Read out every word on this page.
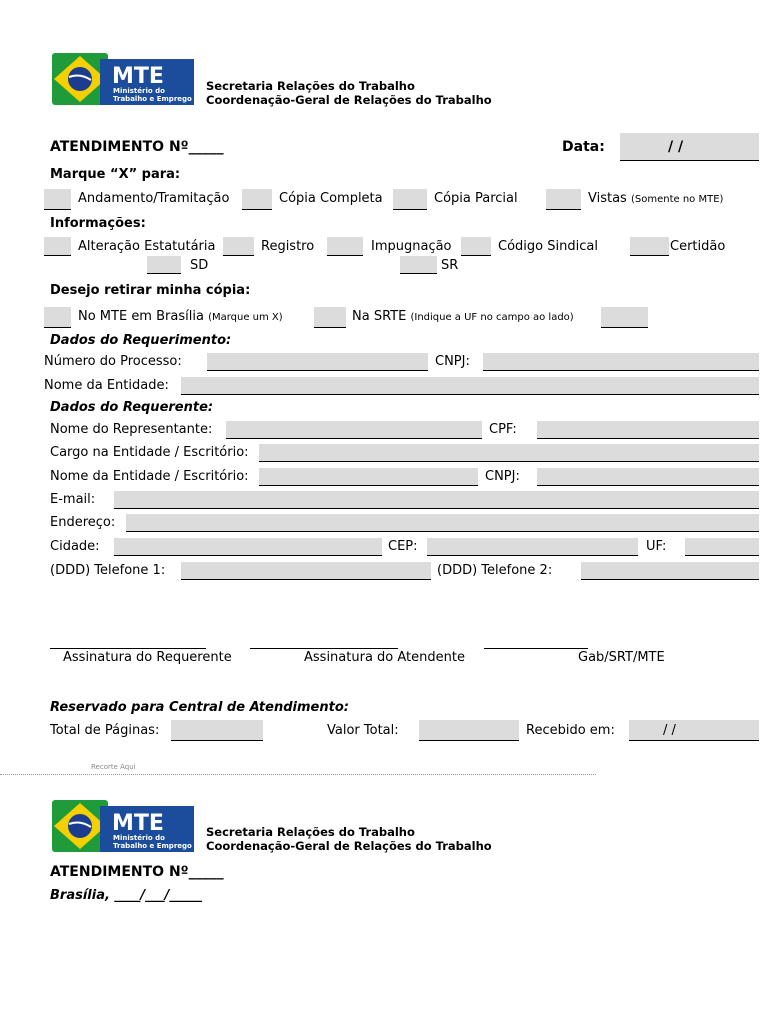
MTE
Ministério do
Trabalho e Emprego
Secretaria Relações do Trabalho
Coordenação-Geral de Relações do Trabalho
ATENDIMENTO Nº_____	Data:	/ /
Marque “X” para:
Andamento/Tramitação	Cópia Completa	Cópia Parcial	Vistas (Somente no MTE)
Informações:
Alteração Estatutária	Registro	Impugnação	Código Sindical	Certidão
SD	SR
Desejo retirar minha cópia:
No MTE em Brasília (Marque um X)	Na SRTE (Indique a UF no campo ao lado)
Dados do Requerimento:
Número do Processo:	CNPJ:
Nome da Entidade:
Dados do Requerente:
Nome do Representante:	CPF:
Cargo na Entidade / Escritório:
Nome da Entidade / Escritório:	CNPJ:
E-mail:
Endereço:
Cidade:	CEP:	UF:
(DDD) Telefone 1:	(DDD) Telefone 2:
Assinatura do Requerente	Assinatura do Atendente	Gab/SRT/MTE
Reservado para Central de Atendimento:
Total de Páginas:	Valor Total:	Recebido em:	/ /
Recorte Aqui
MTE
Ministério do
Trabalho e Emprego
Secretaria Relações do Trabalho
Coordenação-Geral de Relações do Trabalho
ATENDIMENTO Nº_____
Brasília, ____/___/_____
